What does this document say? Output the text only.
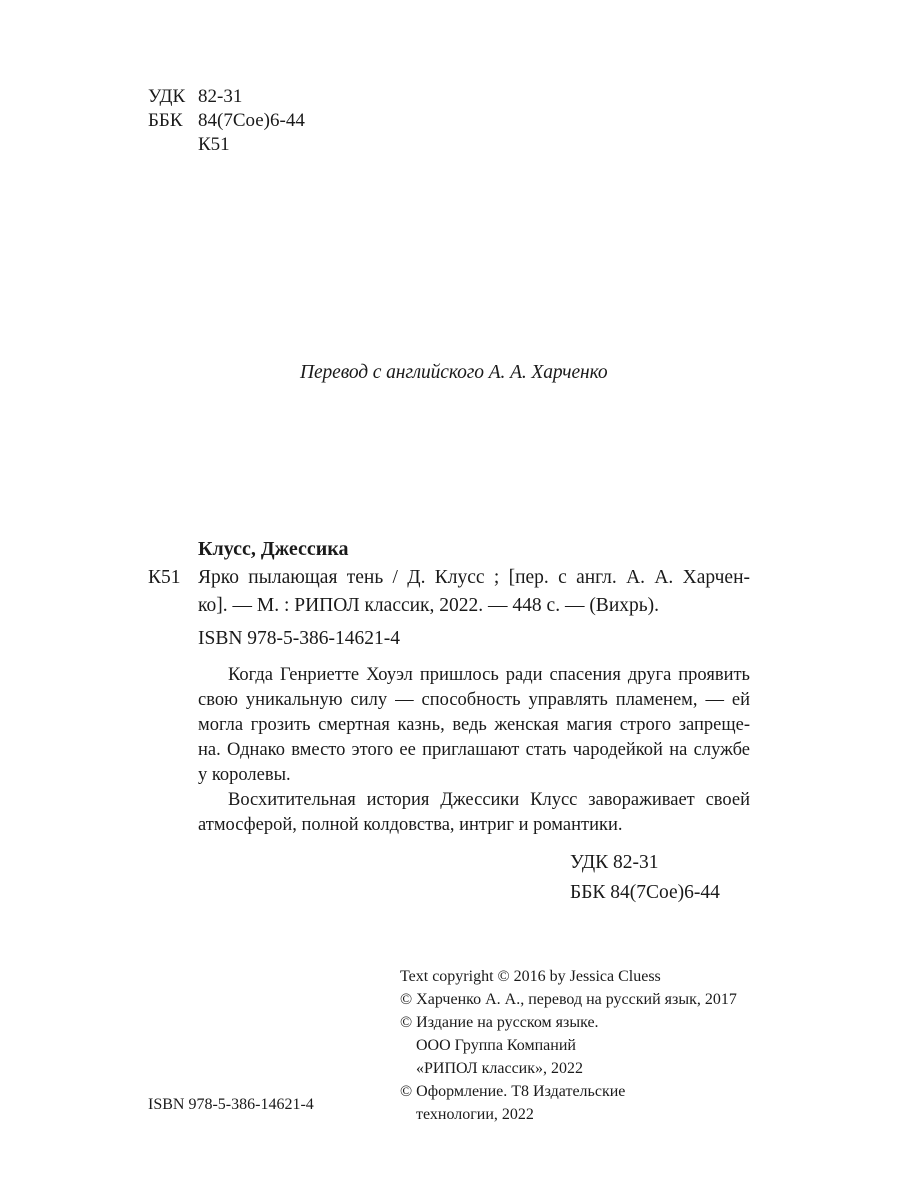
УДК 82-31
ББК 84(7Сое)6-44
К51
Перевод с английского А. А. Харченко
Клусс, Джессика
К51 Ярко пылающая тень / Д. Клусс ; [пер. с англ. А. А. Харчен-
ко]. — М. : РИПОЛ классик, 2022. — 448 с. — (Вихрь).
ISBN 978-5-386-14621-4
Когда Генриетте Хоуэл пришлось ради спасения друга проявить
свою уникальную силу — способность управлять пламенем, — ей
могла грозить смертная казнь, ведь женская магия строго запреще-
на. Однако вместо этого ее приглашают стать чародейкой на службе
у королевы.
Восхитительная история Джессики Клусс завораживает своей
атмосферой, полной колдовства, интриг и романтики.
УДК 82-31
ББК 84(7Сое)6-44
Text copyright © 2016 by Jessica Cluess
© Харченко А. А., перевод на русский язык, 2017
© Издание на русском языке.
ООО Группа Компаний
«РИПОЛ классик», 2022
© Оформление. Т8 Издательские
технологии, 2022
ISBN 978-5-386-14621-4
